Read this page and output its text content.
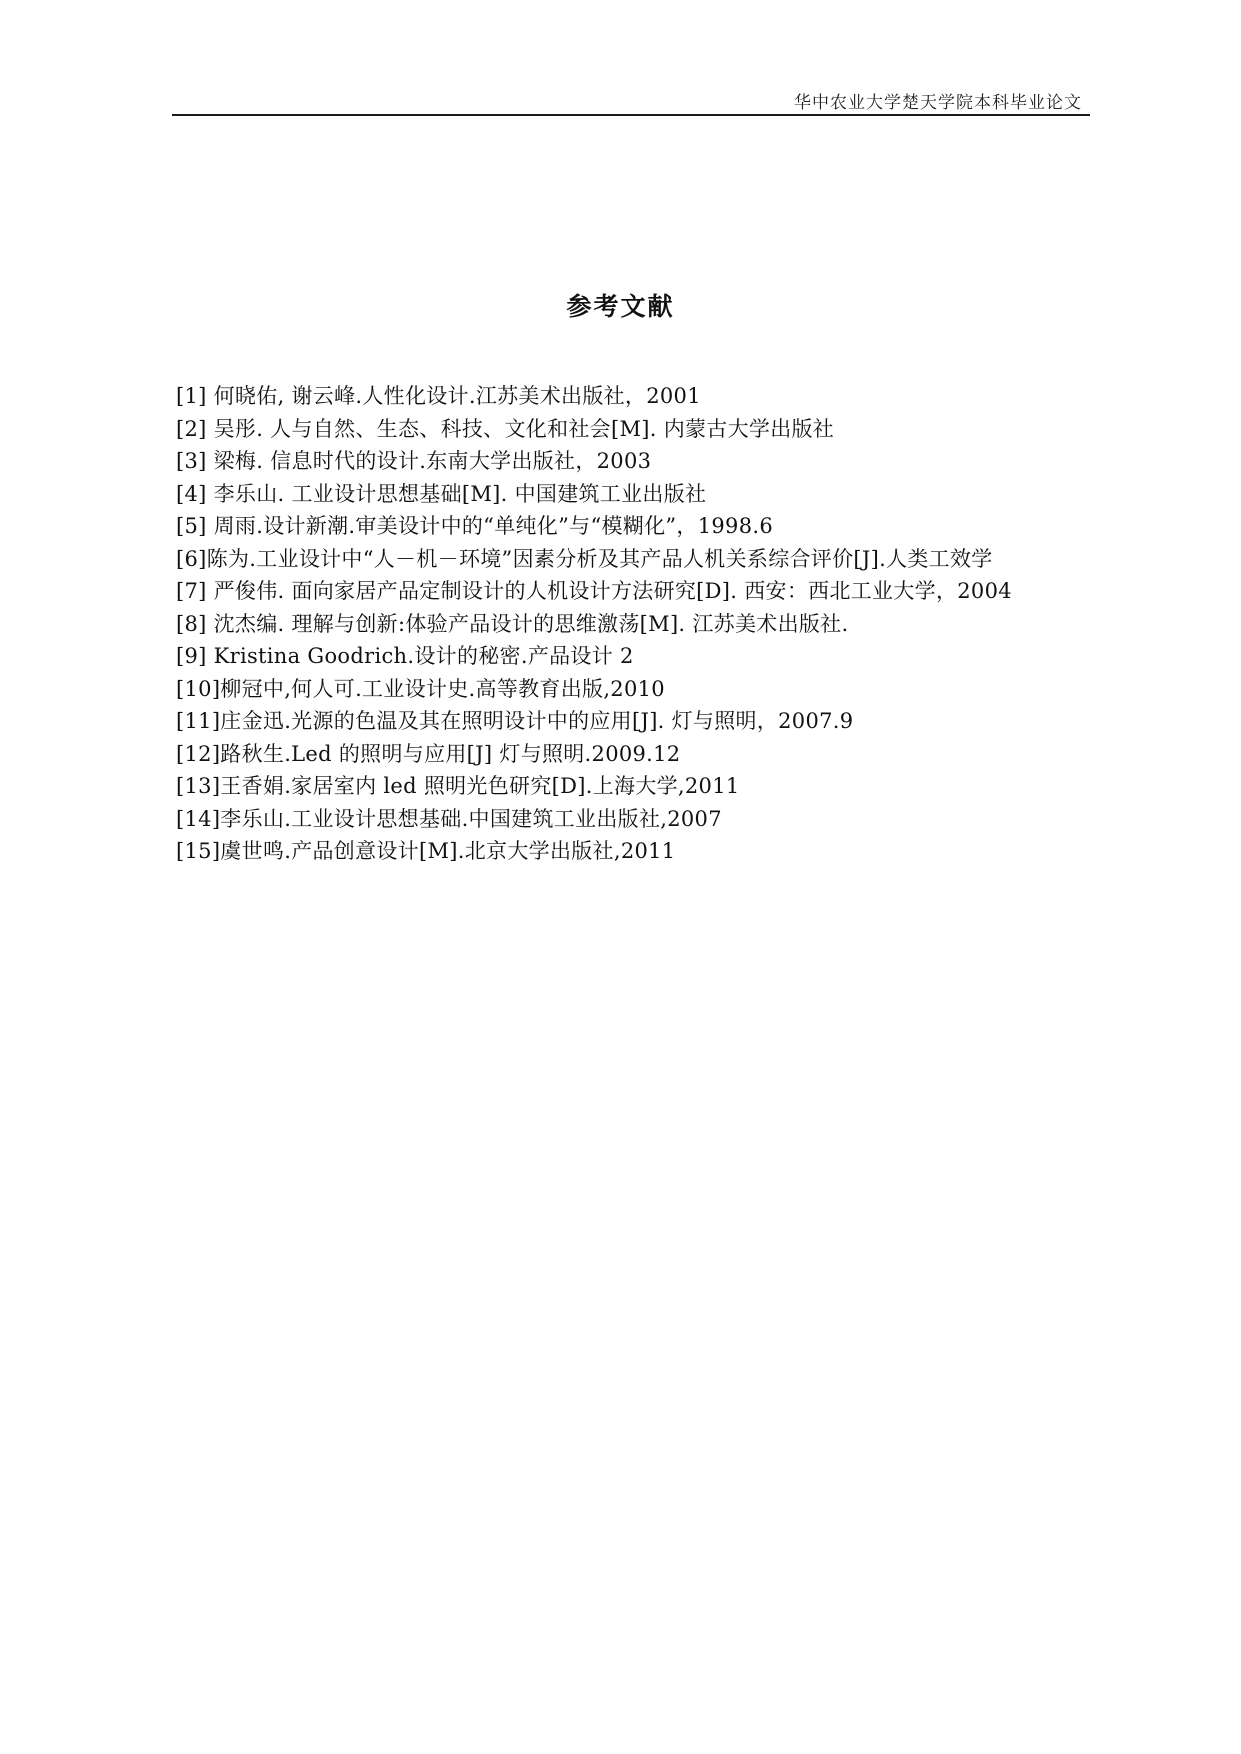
华中农业大学楚天学院本科毕业论文
参考文献
[1] 何晓佑, 谢云峰.人性化设计.江苏美术出版社，2001
[2] 吴彤. 人与自然、生态、科技、文化和社会[M]. 内蒙古大学出版社
[3] 梁梅. 信息时代的设计.东南大学出版社，2003
[4] 李乐山. 工业设计思想基础[M]. 中国建筑工业出版社
[5] 周雨.设计新潮.审美设计中的“单纯化”与“模糊化”，1998.6
[6]陈为.工业设计中“人－机－环境”因素分析及其产品人机关系综合评价[J].人类工效学
[7] 严俊伟. 面向家居产品定制设计的人机设计方法研究[D]. 西安：西北工业大学，2004
[8] 沈杰编. 理解与创新:体验产品设计的思维激荡[M]. 江苏美术出版社.
[9] Kristina Goodrich.设计的秘密.产品设计 2
[10]柳冠中,何人可.工业设计史.高等教育出版,2010
[11]庄金迅.光源的色温及其在照明设计中的应用[J]. 灯与照明，2007.9
[12]路秋生.Led 的照明与应用[J] 灯与照明.2009.12
[13]王香娟.家居室内 led 照明光色研究[D].上海大学,2011
[14]李乐山.工业设计思想基础.中国建筑工业出版社,2007
[15]虞世鸣.产品创意设计[M].北京大学出版社,2011
